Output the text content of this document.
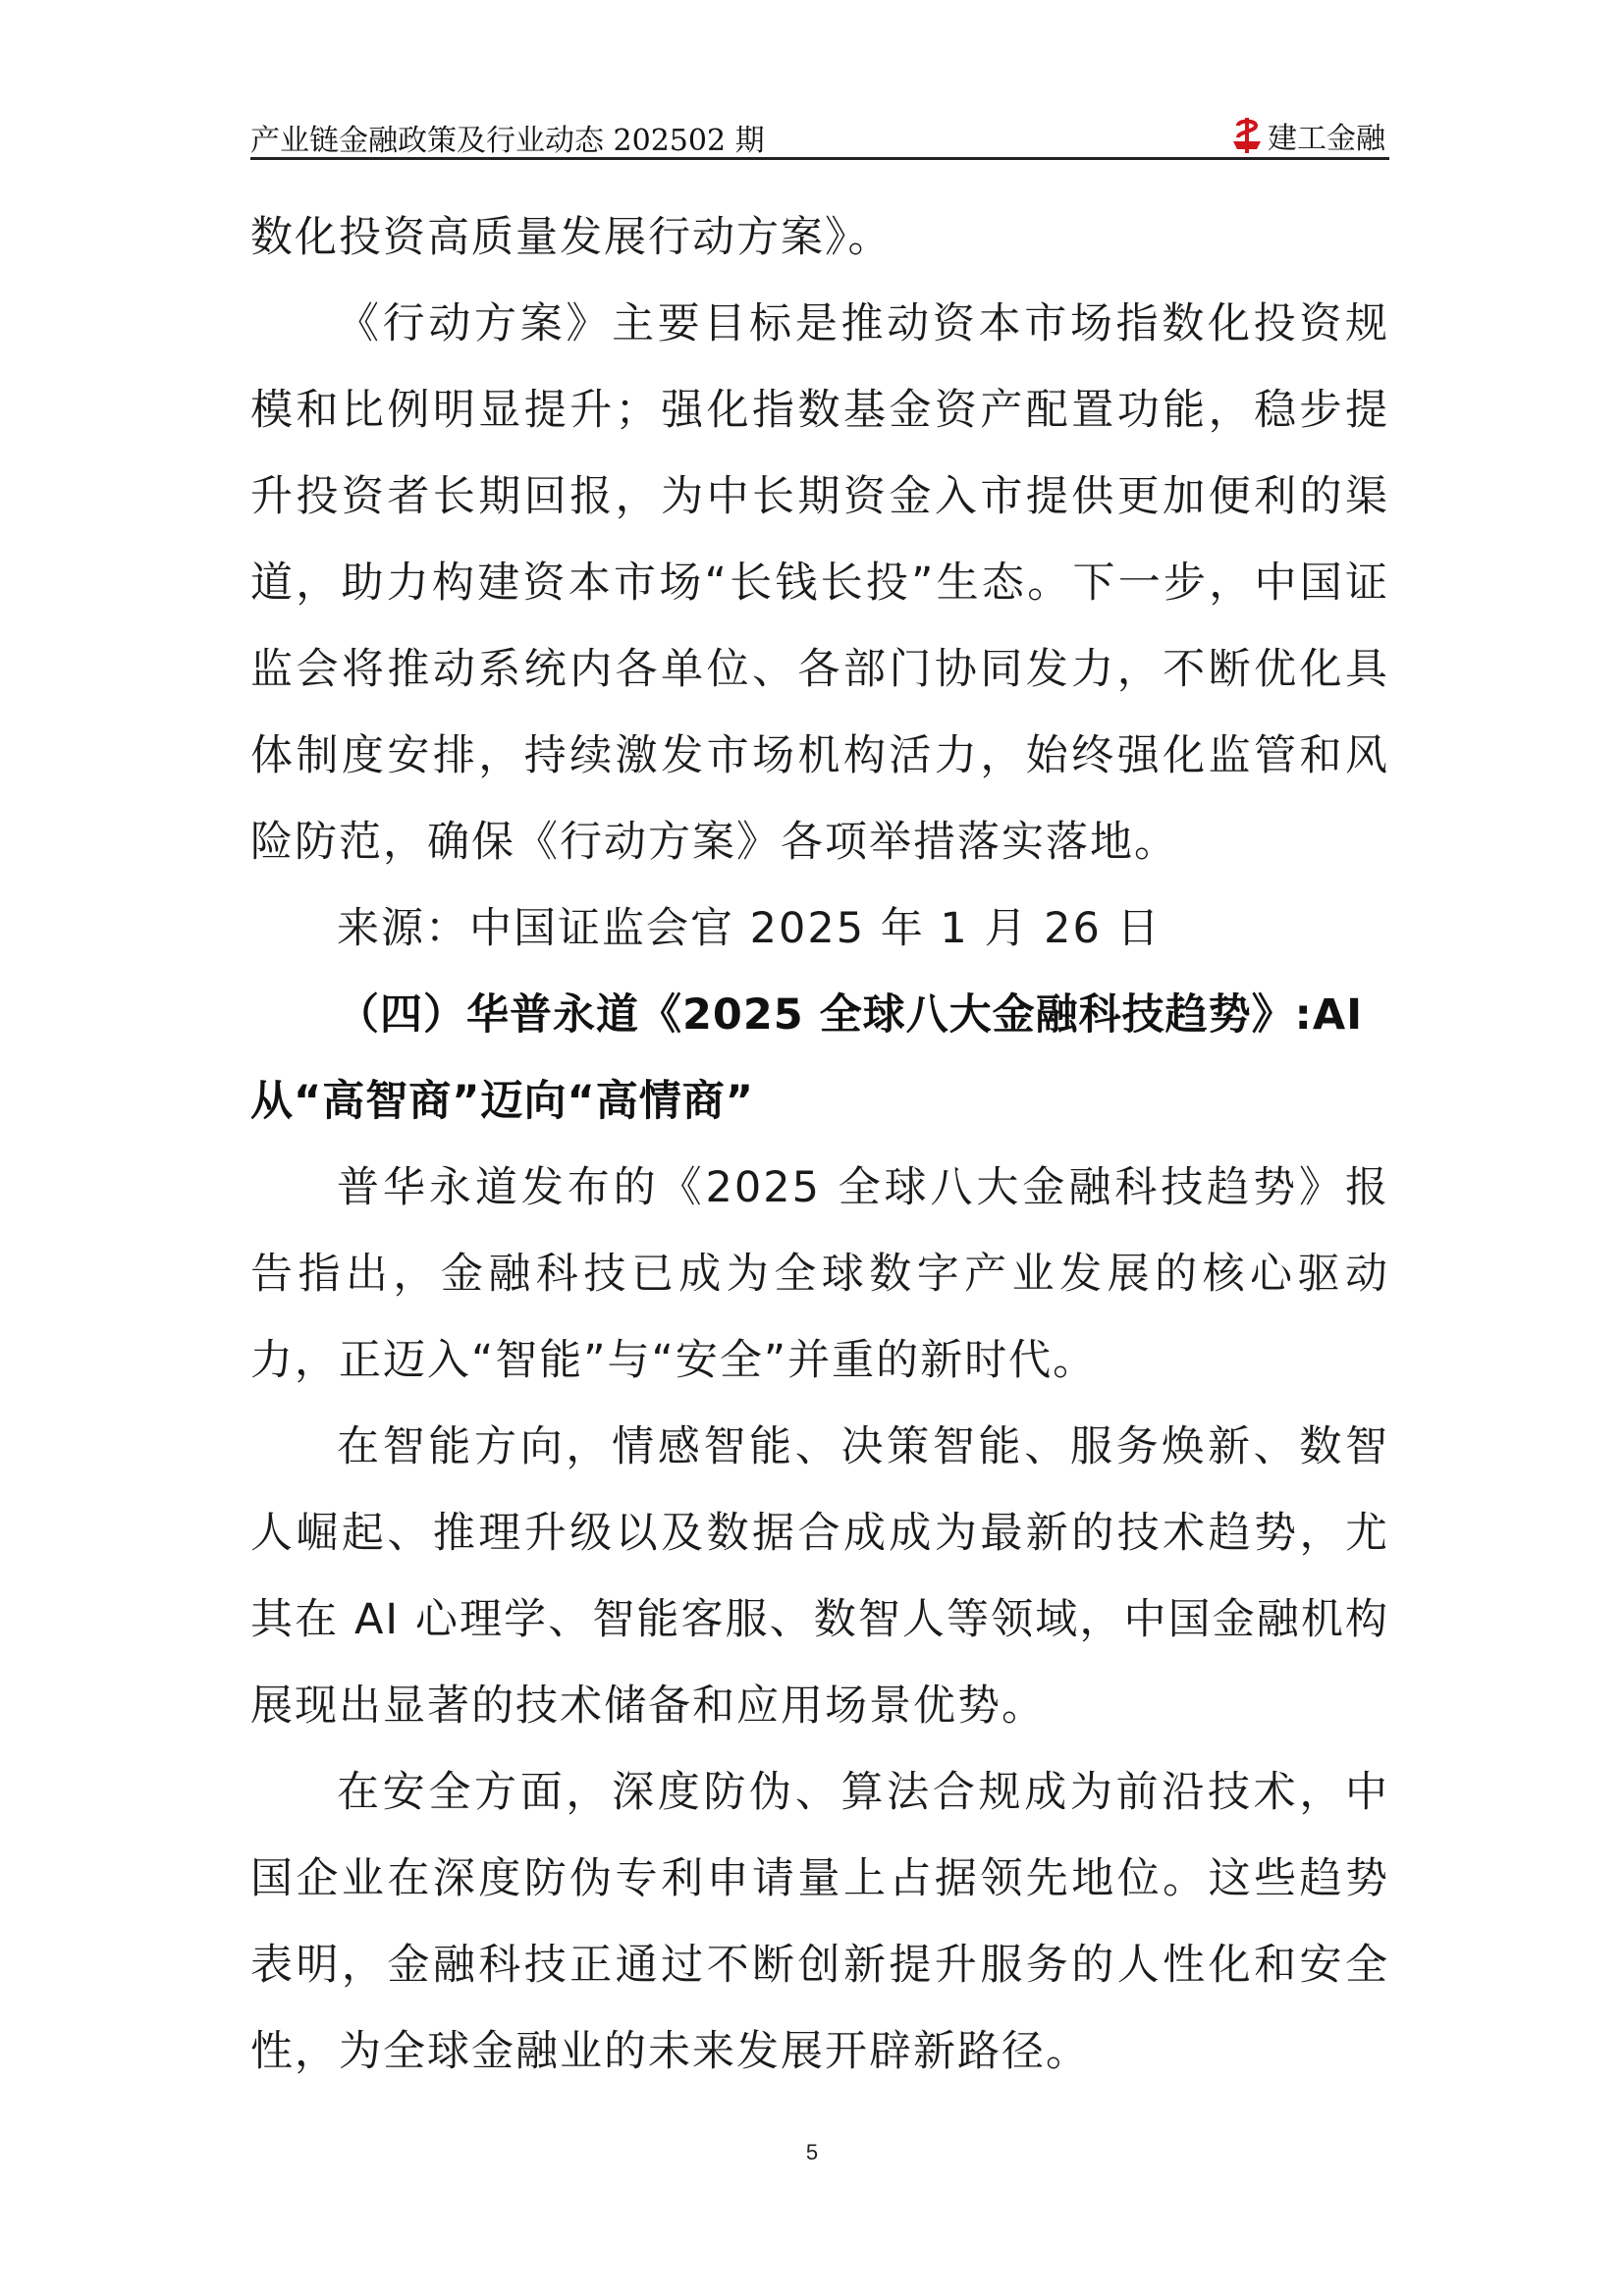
产业链金融政策及行业动态 202502 期	建工金融

数化投资高质量发展行动方案》。

《行动方案》主要目标是推动资本市场指数化投资规模和比例明显提升；强化指数基金资产配置功能，稳步提升投资者长期回报，为中长期资金入市提供更加便利的渠道，助力构建资本市场“长钱长投”生态。下一步，中国证监会将推动系统内各单位、各部门协同发力，不断优化具体制度安排，持续激发市场机构活力，始终强化监管和风险防范，确保《行动方案》各项举措落实落地。

来源：中国证监会官 2025 年 1 月 26 日

（四）华普永道《2025 全球八大金融科技趋势》:AI 从“高智商”迈向“高情商”

普华永道发布的《2025 全球八大金融科技趋势》报告指出，金融科技已成为全球数字产业发展的核心驱动力，正迈入“智能”与“安全”并重的新时代。

在智能方向，情感智能、决策智能、服务焕新、数智人崛起、推理升级以及数据合成成为最新的技术趋势，尤其在 AI 心理学、智能客服、数智人等领域，中国金融机构展现出显著的技术储备和应用场景优势。

在安全方面，深度防伪、算法合规成为前沿技术，中国企业在深度防伪专利申请量上占据领先地位。这些趋势表明，金融科技正通过不断创新提升服务的人性化和安全性，为全球金融业的未来发展开辟新路径。

5
